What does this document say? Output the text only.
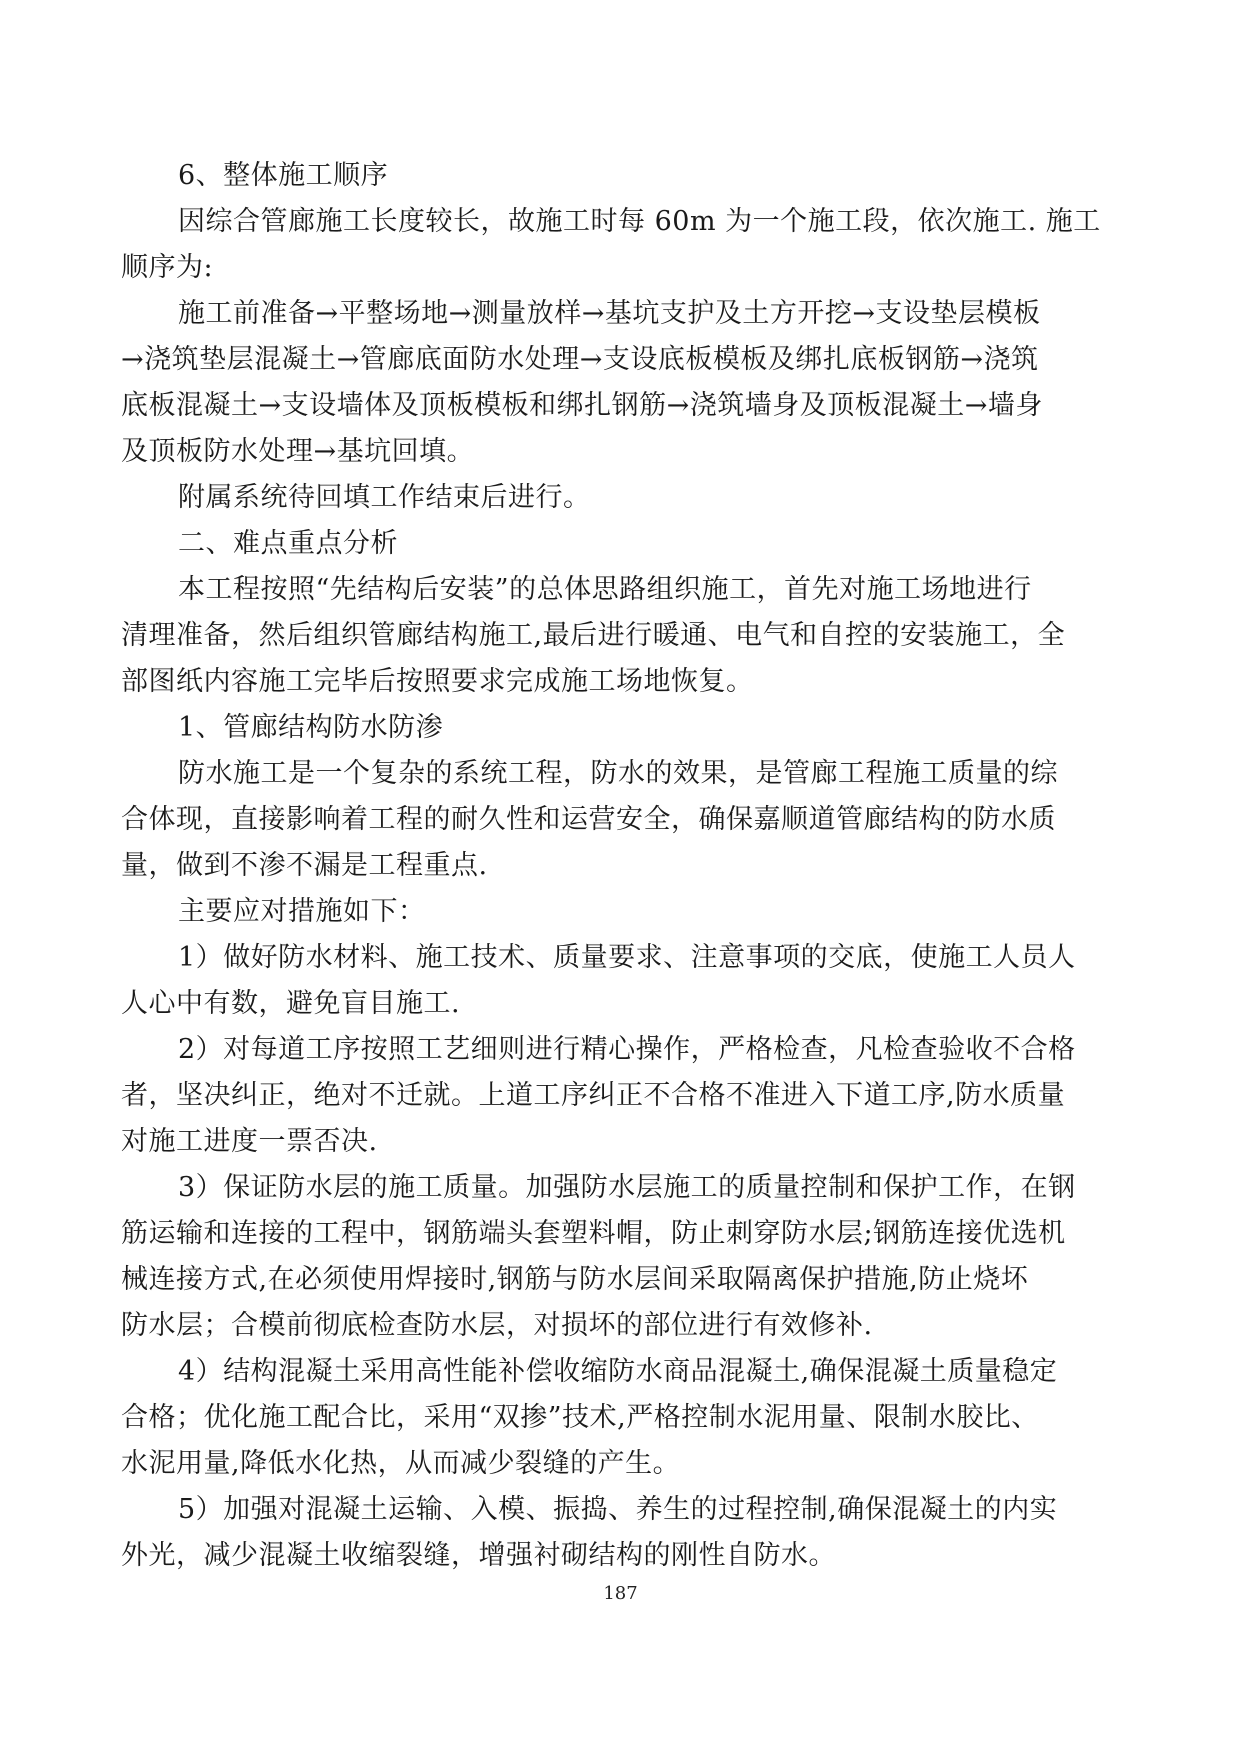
6、整体施工顺序
因综合管廊施工长度较长，故施工时每 60m 为一个施工段，依次施工. 施工
顺序为:
施工前准备→平整场地→测量放样→基坑支护及土方开挖→支设垫层模板
→浇筑垫层混凝土→管廊底面防水处理→支设底板模板及绑扎底板钢筋→浇筑
底板混凝土→支设墙体及顶板模板和绑扎钢筋→浇筑墙身及顶板混凝土→墙身
及顶板防水处理→基坑回填。
附属系统待回填工作结束后进行。
二、难点重点分析
本工程按照“先结构后安装”的总体思路组织施工，首先对施工场地进行
清理准备，然后组织管廊结构施工,最后进行暖通、电气和自控的安装施工，全
部图纸内容施工完毕后按照要求完成施工场地恢复。
1、管廊结构防水防渗
防水施工是一个复杂的系统工程，防水的效果，是管廊工程施工质量的综
合体现，直接影响着工程的耐久性和运营安全，确保嘉顺道管廊结构的防水质
量，做到不渗不漏是工程重点.
主要应对措施如下：
1）做好防水材料、施工技术、质量要求、注意事项的交底，使施工人员人
人心中有数，避免盲目施工.
2）对每道工序按照工艺细则进行精心操作，严格检查，凡检查验收不合格
者，坚决纠正，绝对不迁就。上道工序纠正不合格不准进入下道工序,防水质量
对施工进度一票否决.
3）保证防水层的施工质量。加强防水层施工的质量控制和保护工作，在钢
筋运输和连接的工程中，钢筋端头套塑料帽，防止刺穿防水层;钢筋连接优选机
械连接方式,在必须使用焊接时,钢筋与防水层间采取隔离保护措施,防止烧坏
防水层；合模前彻底检查防水层，对损坏的部位进行有效修补.
4）结构混凝土采用高性能补偿收缩防水商品混凝土,确保混凝土质量稳定
合格；优化施工配合比，采用“双掺”技术,严格控制水泥用量、限制水胶比、
水泥用量,降低水化热，从而减少裂缝的产生。
5）加强对混凝土运输、入模、振捣、养生的过程控制,确保混凝土的内实
外光，减少混凝土收缩裂缝，增强衬砌结构的刚性自防水。
187
